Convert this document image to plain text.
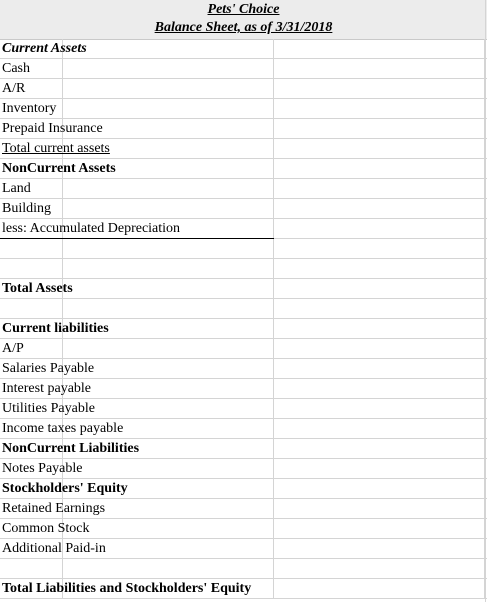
Pets' Choice
Balance Sheet, as of 3/31/2018
Current Assets
Cash
A/R
Inventory
Prepaid Insurance
Total current assets
NonCurrent Assets
Land
Building
less: Accumulated Depreciation
Total Assets
Current liabilities
A/P
Salaries Payable
Interest payable
Utilities Payable
Income taxes payable
NonCurrent Liabilities
Notes Payable
Stockholders' Equity
Retained Earnings
Common Stock
Additional Paid-in
Total Liabilities and Stockholders' Equity
